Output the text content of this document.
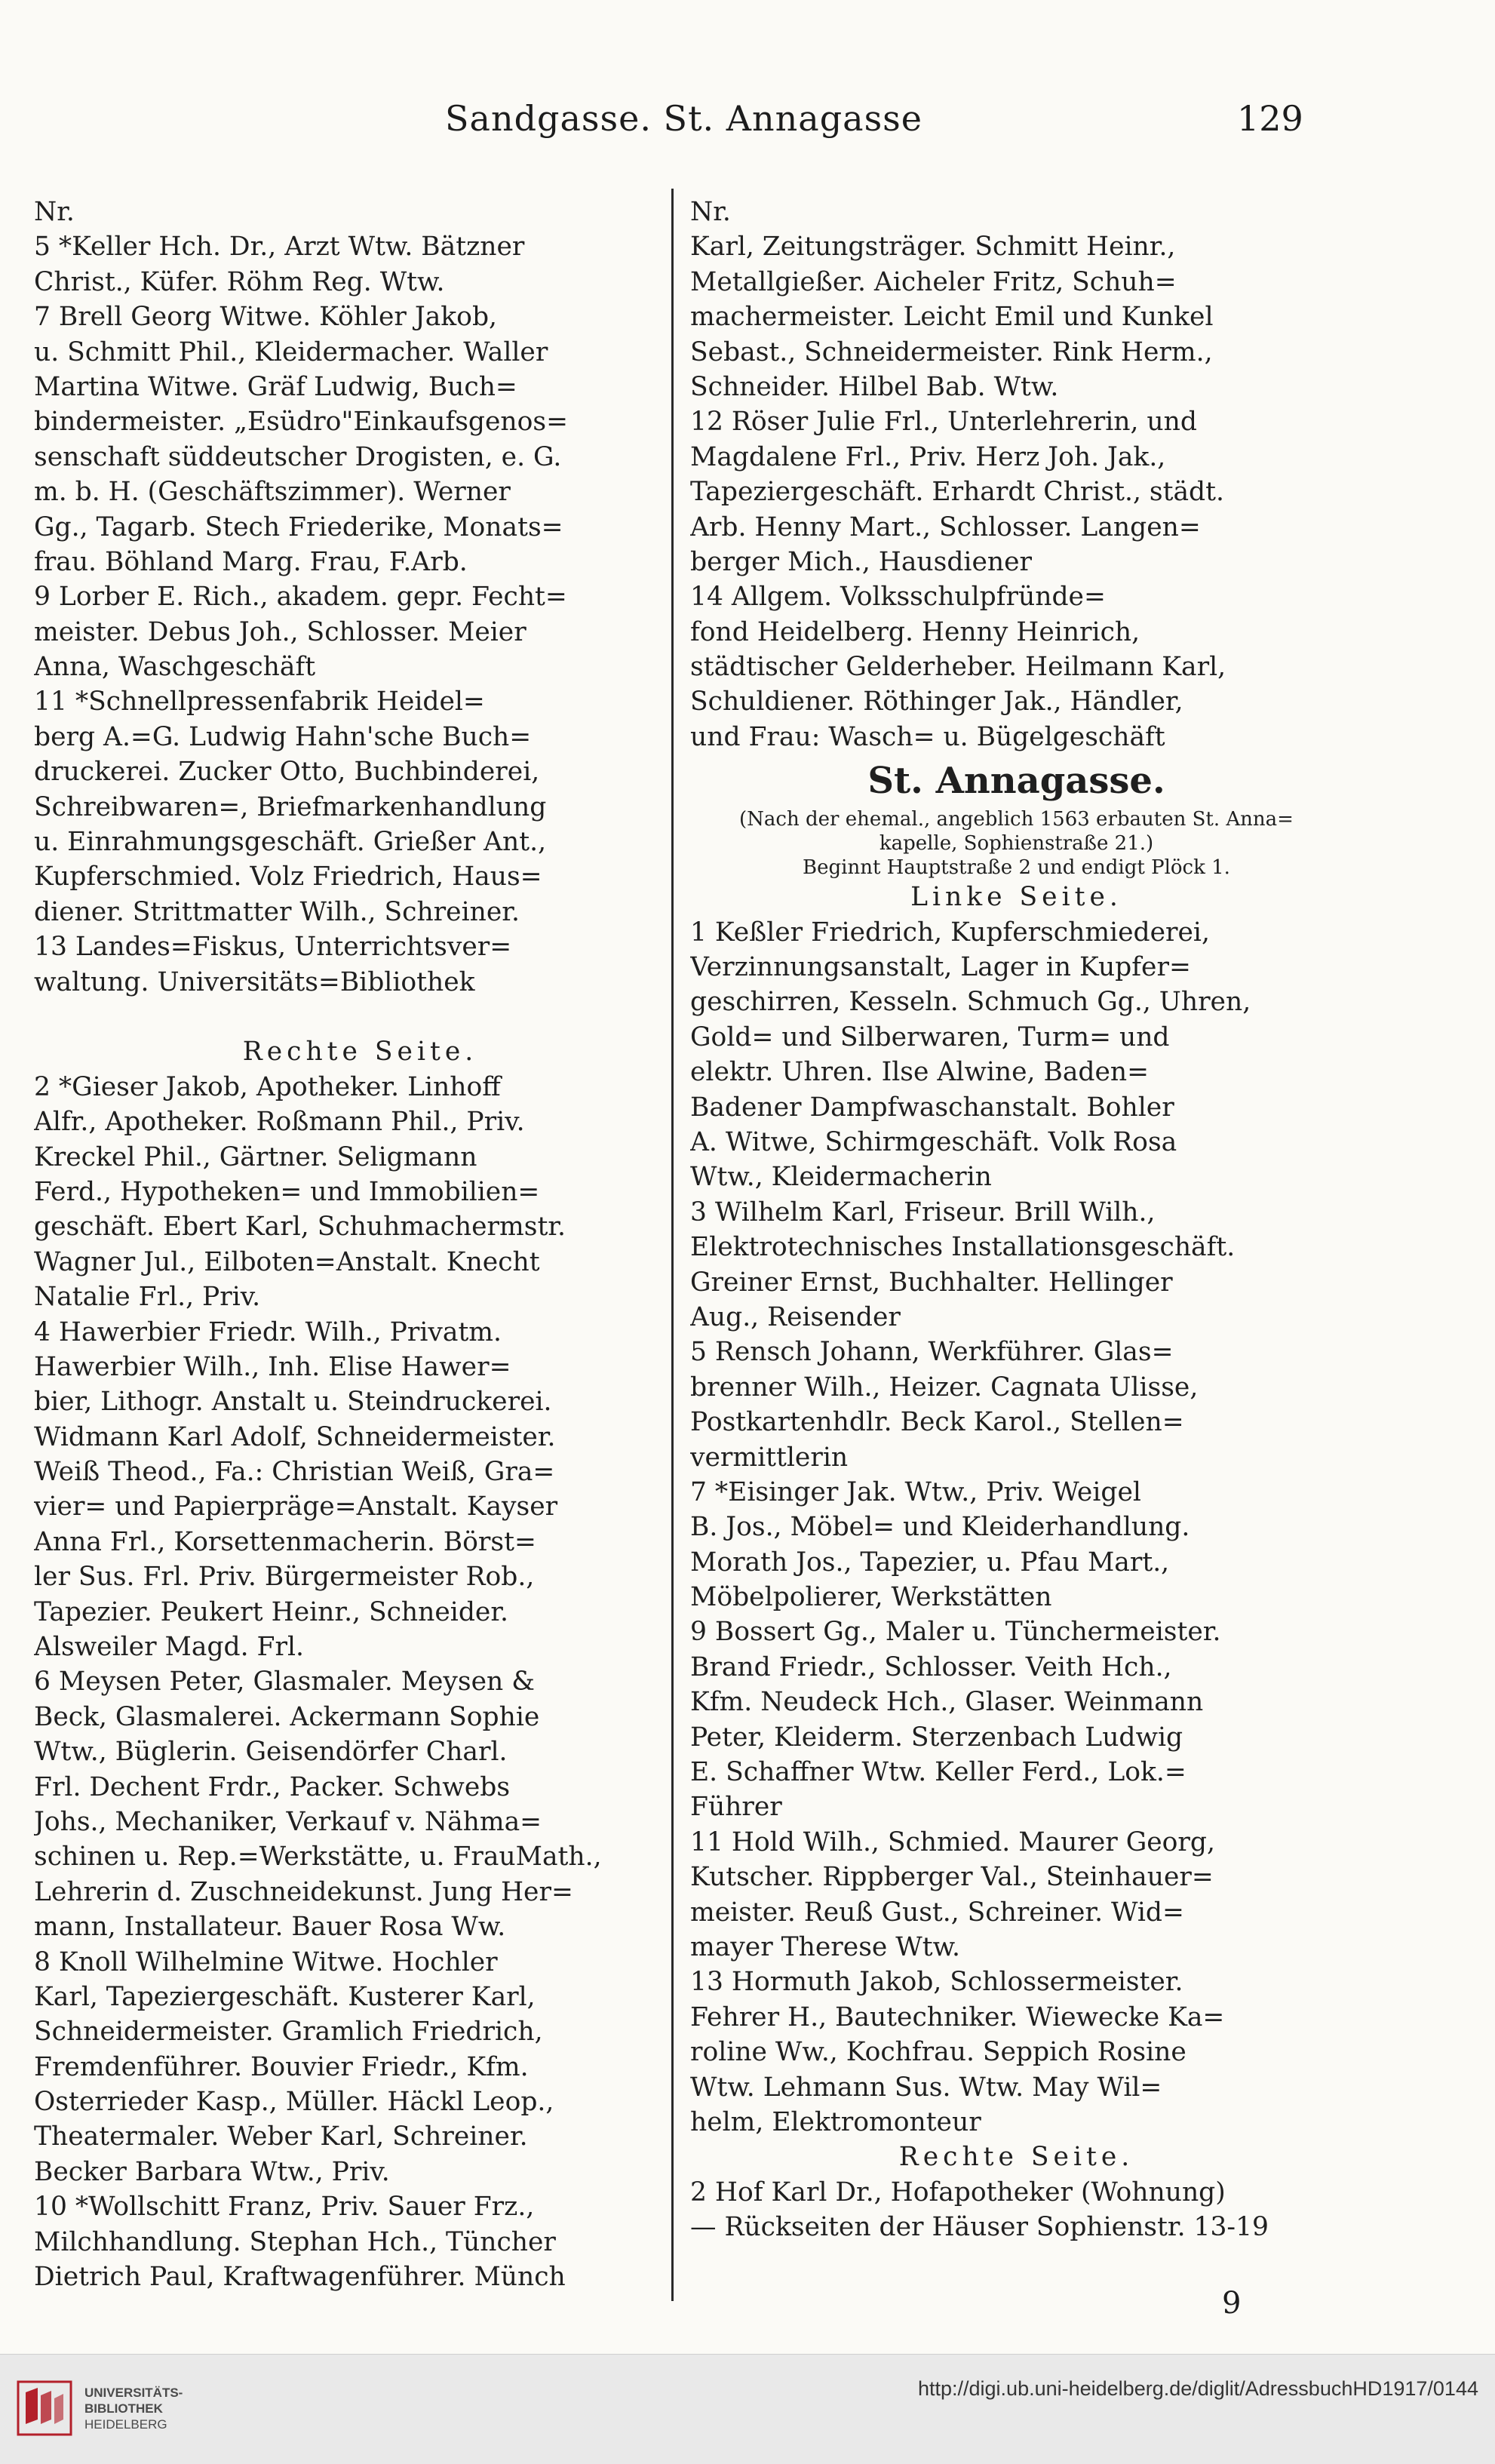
Sandgasse. St. Annagasse	129
Nr.
5 *Keller Hch. Dr., Arzt Wtw. Bätzner
Christ., Küfer. Röhm Reg. Wtw.
7 Brell Georg Witwe. Köhler Jakob,
u. Schmitt Phil., Kleidermacher. Waller
Martina Witwe. Gräf Ludwig, Buch=
bindermeister. „Esüdro"Einkaufsgenos=
senschaft süddeutscher Drogisten, e. G.
m. b. H. (Geschäftszimmer). Werner
Gg., Tagarb. Stech Friederike, Monats=
frau. Böhland Marg. Frau, F.Arb.
9 Lorber E. Rich., akadem. gepr. Fecht=
meister. Debus Joh., Schlosser. Meier
Anna, Waschgeschäft
11 *Schnellpressenfabrik Heidel=
berg A.=G. Ludwig Hahn'sche Buch=
druckerei. Zucker Otto, Buchbinderei,
Schreibwaren=, Briefmarkenhandlung
u. Einrahmungsgeschäft. Grießer Ant.,
Kupferschmied. Volz Friedrich, Haus=
diener. Strittmatter Wilh., Schreiner.
13 Landes=Fiskus, Unterrichtsver=
waltung. Universitäts=Bibliothek
Rechte Seite.
2 *Gieser Jakob, Apotheker. Linhoff
Alfr., Apotheker. Roßmann Phil., Priv.
Kreckel Phil., Gärtner. Seligmann
Ferd., Hypotheken= und Immobilien=
geschäft. Ebert Karl, Schuhmachermstr.
Wagner Jul., Eilboten=Anstalt. Knecht
Natalie Frl., Priv.
4 Hawerbier Friedr. Wilh., Privatm.
Hawerbier Wilh., Inh. Elise Hawer=
bier, Lithogr. Anstalt u. Steindruckerei.
Widmann Karl Adolf, Schneidermeister.
Weiß Theod., Fa.: Christian Weiß, Gra=
vier= und Papierpräge=Anstalt. Kayser
Anna Frl., Korsettenmacherin. Börst=
ler Sus. Frl. Priv. Bürgermeister Rob.,
Tapezier. Peukert Heinr., Schneider.
Alsweiler Magd. Frl.
6 Meysen Peter, Glasmaler. Meysen &
Beck, Glasmalerei. Ackermann Sophie
Wtw., Büglerin. Geisendörfer Charl.
Frl. Dechent Frdr., Packer. Schwebs
Johs., Mechaniker, Verkauf v. Nähma=
schinen u. Rep.=Werkstätte, u. FrauMath.,
Lehrerin d. Zuschneidekunst. Jung Her=
mann, Installateur. Bauer Rosa Ww.
8 Knoll Wilhelmine Witwe. Hochler
Karl, Tapeziergeschäft. Kusterer Karl,
Schneidermeister. Gramlich Friedrich,
Fremdenführer. Bouvier Friedr., Kfm.
Osterrieder Kasp., Müller. Häckl Leop.,
Theatermaler. Weber Karl, Schreiner.
Becker Barbara Wtw., Priv.
10 *Wollschitt Franz, Priv. Sauer Frz.,
Milchhandlung. Stephan Hch., Tüncher
Dietrich Paul, Kraftwagenführer. Münch
Nr.
Karl, Zeitungsträger. Schmitt Heinr.,
Metallgießer. Aicheler Fritz, Schuh=
machermeister. Leicht Emil und Kunkel
Sebast., Schneidermeister. Rink Herm.,
Schneider. Hilbel Bab. Wtw.
12 Röser Julie Frl., Unterlehrerin, und
Magdalene Frl., Priv. Herz Joh. Jak.,
Tapeziergeschäft. Erhardt Christ., städt.
Arb. Henny Mart., Schlosser. Langen=
berger Mich., Hausdiener
14 Allgem. Volksschulpfründe=
fond Heidelberg. Henny Heinrich,
städtischer Gelderheber. Heilmann Karl,
Schuldiener. Röthinger Jak., Händler,
und Frau: Wasch= u. Bügelgeschäft
St. Annagasse.
(Nach der ehemal., angeblich 1563 erbauten St. Anna=
kapelle, Sophienstraße 21.)
Beginnt Hauptstraße 2 und endigt Plöck 1.
Linke Seite.
1 Keßler Friedrich, Kupferschmiederei,
Verzinnungsanstalt, Lager in Kupfer=
geschirren, Kesseln. Schmuch Gg., Uhren,
Gold= und Silberwaren, Turm= und
elektr. Uhren. Ilse Alwine, Baden=
Badener Dampfwaschanstalt. Bohler
A. Witwe, Schirmgeschäft. Volk Rosa
Wtw., Kleidermacherin
3 Wilhelm Karl, Friseur. Brill Wilh.,
Elektrotechnisches Installationsgeschäft.
Greiner Ernst, Buchhalter. Hellinger
Aug., Reisender
5 Rensch Johann, Werkführer. Glas=
brenner Wilh., Heizer. Cagnata Ulisse,
Postkartenhdlr. Beck Karol., Stellen=
vermittlerin
7 *Eisinger Jak. Wtw., Priv. Weigel
B. Jos., Möbel= und Kleiderhandlung.
Morath Jos., Tapezier, u. Pfau Mart.,
Möbelpolierer, Werkstätten
9 Bossert Gg., Maler u. Tünchermeister.
Brand Friedr., Schlosser. Veith Hch.,
Kfm. Neudeck Hch., Glaser. Weinmann
Peter, Kleiderm. Sterzenbach Ludwig
E. Schaffner Wtw. Keller Ferd., Lok.=
Führer
11 Hold Wilh., Schmied. Maurer Georg,
Kutscher. Rippberger Val., Steinhauer=
meister. Reuß Gust., Schreiner. Wid=
mayer Therese Wtw.
13 Hormuth Jakob, Schlossermeister.
Fehrer H., Bautechniker. Wiewecke Ka=
roline Ww., Kochfrau. Seppich Rosine
Wtw. Lehmann Sus. Wtw. May Wil=
helm, Elektromonteur
Rechte Seite.
2 Hof Karl Dr., Hofapotheker (Wohnung)
— Rückseiten der Häuser Sophienstr. 13-19
9
UNIVERSITÄTS-
BIBLIOTHEK
HEIDELBERG
http://digi.ub.uni-heidelberg.de/diglit/AdressbuchHD1917/0144
